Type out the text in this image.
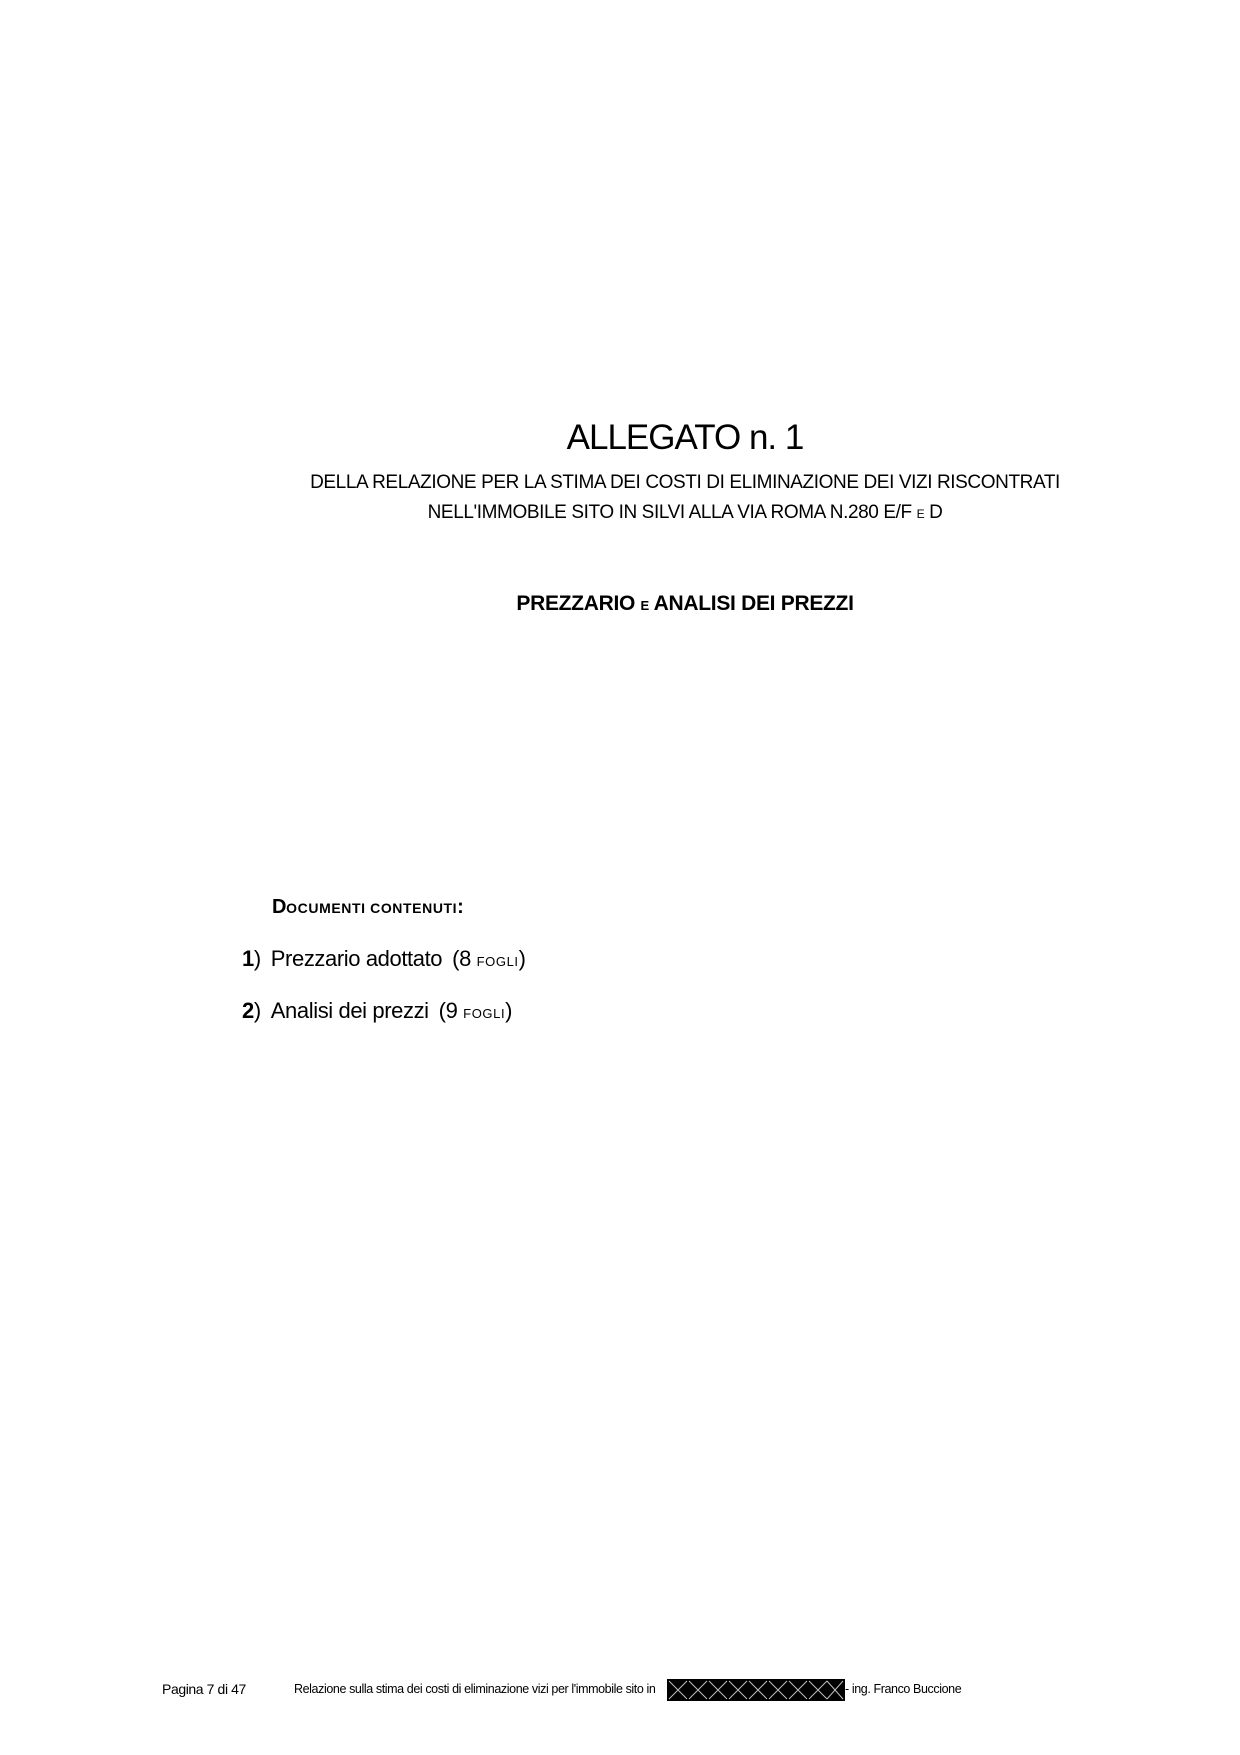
ALLEGATO n. 1

DELLA RELAZIONE PER LA STIMA DEI COSTI DI ELIMINAZIONE DEI VIZI RISCONTRATI

NELL'IMMOBILE SITO IN SILVI ALLA VIA ROMA N.280 E/F E D

PREZZARIO E ANALISI DEI PREZZI

DOCUMENTI CONTENUTI:

1) Prezzario adottato (8 FOGLI)

2) Analisi dei prezzi (9 FOGLI)

Pagina 7 di 47	Relazione sulla stima dei costi di eliminazione vizi per l'immobile sito in	- ing. Franco Buccione
